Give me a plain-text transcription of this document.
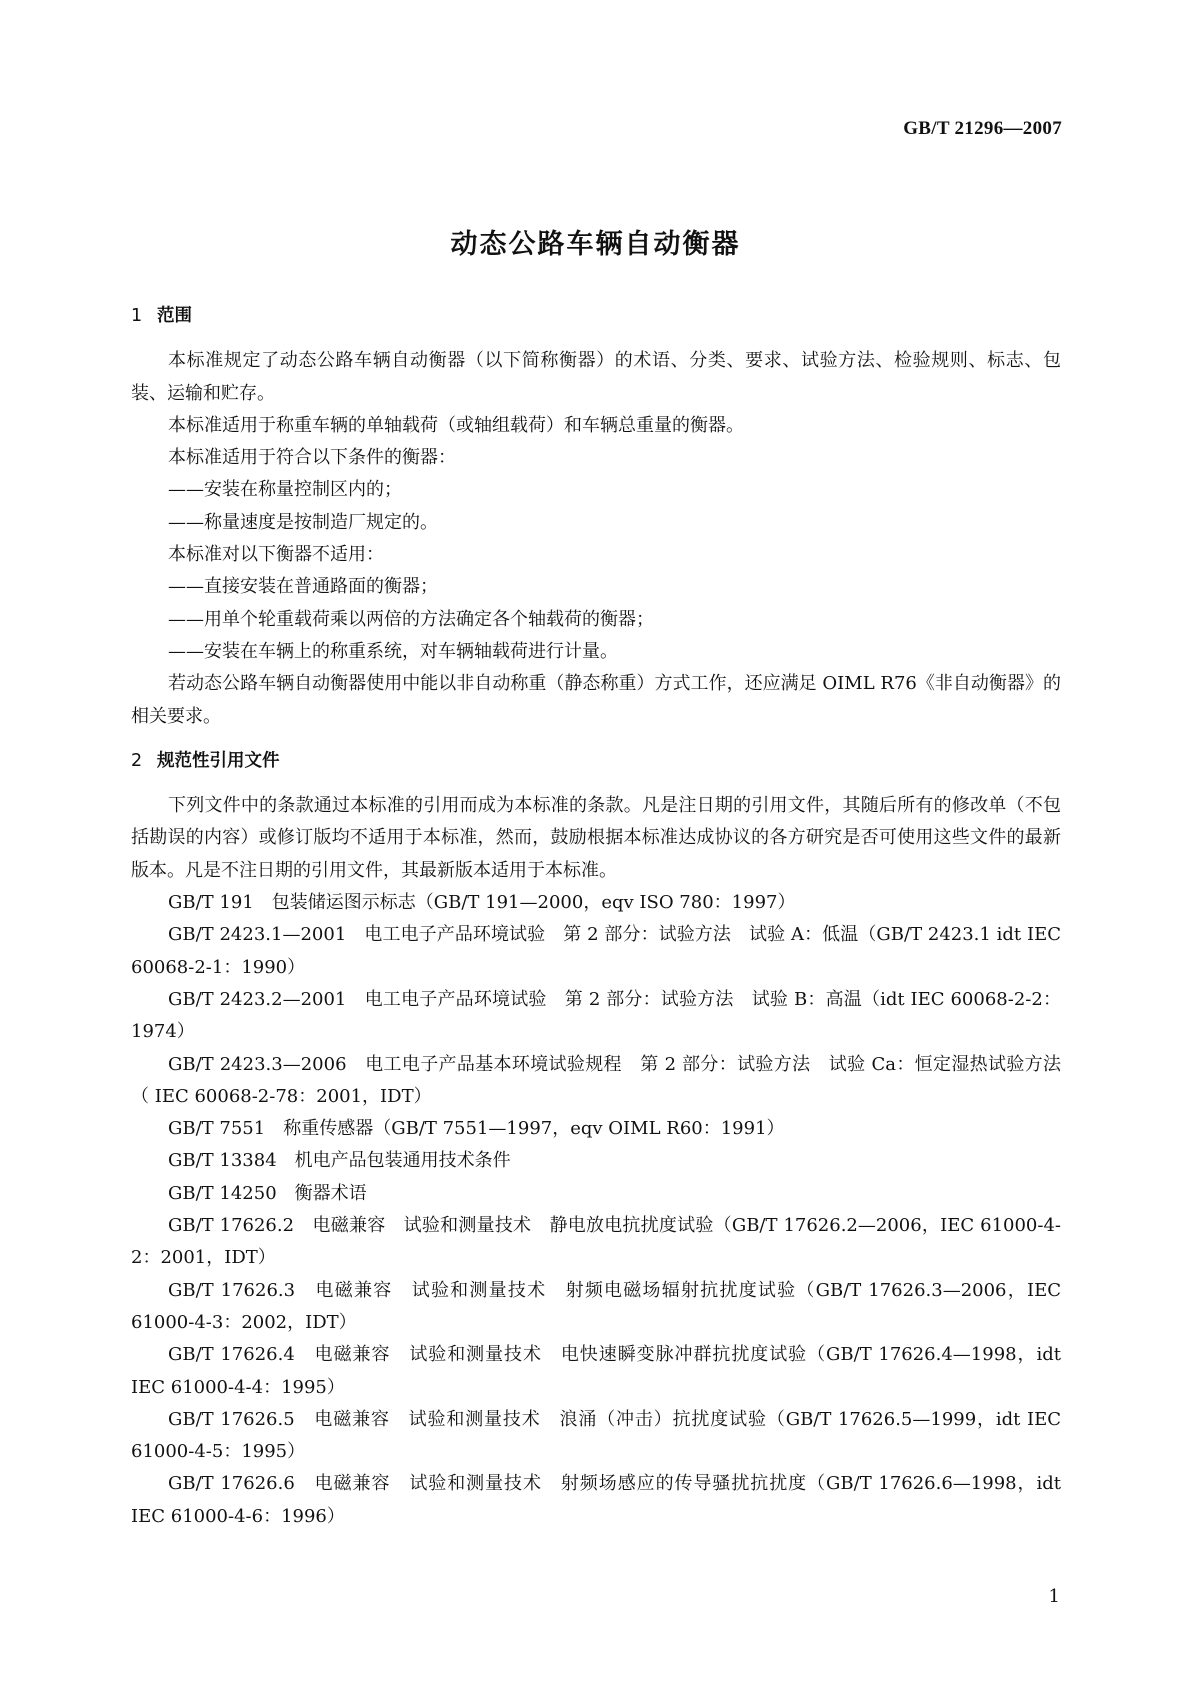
GB/T 21296—2007
动态公路车辆自动衡器
1 范围

本标准规定了动态公路车辆自动衡器（以下简称衡器）的术语、分类、要求、试验方法、检验规则、标志、包装、运输和贮存。

本标准适用于称重车辆的单轴载荷（或轴组载荷）和车辆总重量的衡器。

本标准适用于符合以下条件的衡器：

——安装在称量控制区内的；

——称量速度是按制造厂规定的。

本标准对以下衡器不适用：

——直接安装在普通路面的衡器；

——用单个轮重载荷乘以两倍的方法确定各个轴载荷的衡器；

——安装在车辆上的称重系统，对车辆轴载荷进行计量。

若动态公路车辆自动衡器使用中能以非自动称重（静态称重）方式工作，还应满足 OIML R76《非自动衡器》的相关要求。

2 规范性引用文件

下列文件中的条款通过本标准的引用而成为本标准的条款。凡是注日期的引用文件，其随后所有的修改单（不包括勘误的内容）或修订版均不适用于本标准，然而，鼓励根据本标准达成协议的各方研究是否可使用这些文件的最新版本。凡是不注日期的引用文件，其最新版本适用于本标准。

GB/T 191　包装储运图示标志（GB/T 191—2000，eqv ISO 780：1997）

GB/T 2423.1—2001　电工电子产品环境试验　第 2 部分：试验方法　试验 A：低温（GB/T 2423.1 idt IEC 60068-2-1：1990）

GB/T 2423.2—2001　电工电子产品环境试验　第 2 部分：试验方法　试验 B：高温（idt IEC 60068-2-2：1974）

GB/T 2423.3—2006　电工电子产品基本环境试验规程　第 2 部分：试验方法　试验 Ca：恒定湿热试验方法（ IEC 60068-2-78：2001，IDT）

GB/T 7551　称重传感器（GB/T 7551—1997，eqv OIML R60：1991）

GB/T 13384　机电产品包装通用技术条件

GB/T 14250　衡器术语

GB/T 17626.2　电磁兼容　试验和测量技术　静电放电抗扰度试验（GB/T 17626.2—2006，IEC 61000-4-2：2001，IDT）

GB/T 17626.3　电磁兼容　试验和测量技术　射频电磁场辐射抗扰度试验（GB/T 17626.3—2006，IEC 61000-4-3：2002，IDT）

GB/T 17626.4　电磁兼容　试验和测量技术　电快速瞬变脉冲群抗扰度试验（GB/T 17626.4—1998，idt IEC 61000-4-4：1995）

GB/T 17626.5　电磁兼容　试验和测量技术　浪涌（冲击）抗扰度试验（GB/T 17626.5—1999，idt IEC 61000-4-5：1995）

GB/T 17626.6　电磁兼容　试验和测量技术　射频场感应的传导骚扰抗扰度（GB/T 17626.6—1998，idt IEC 61000-4-6：1996）

1
